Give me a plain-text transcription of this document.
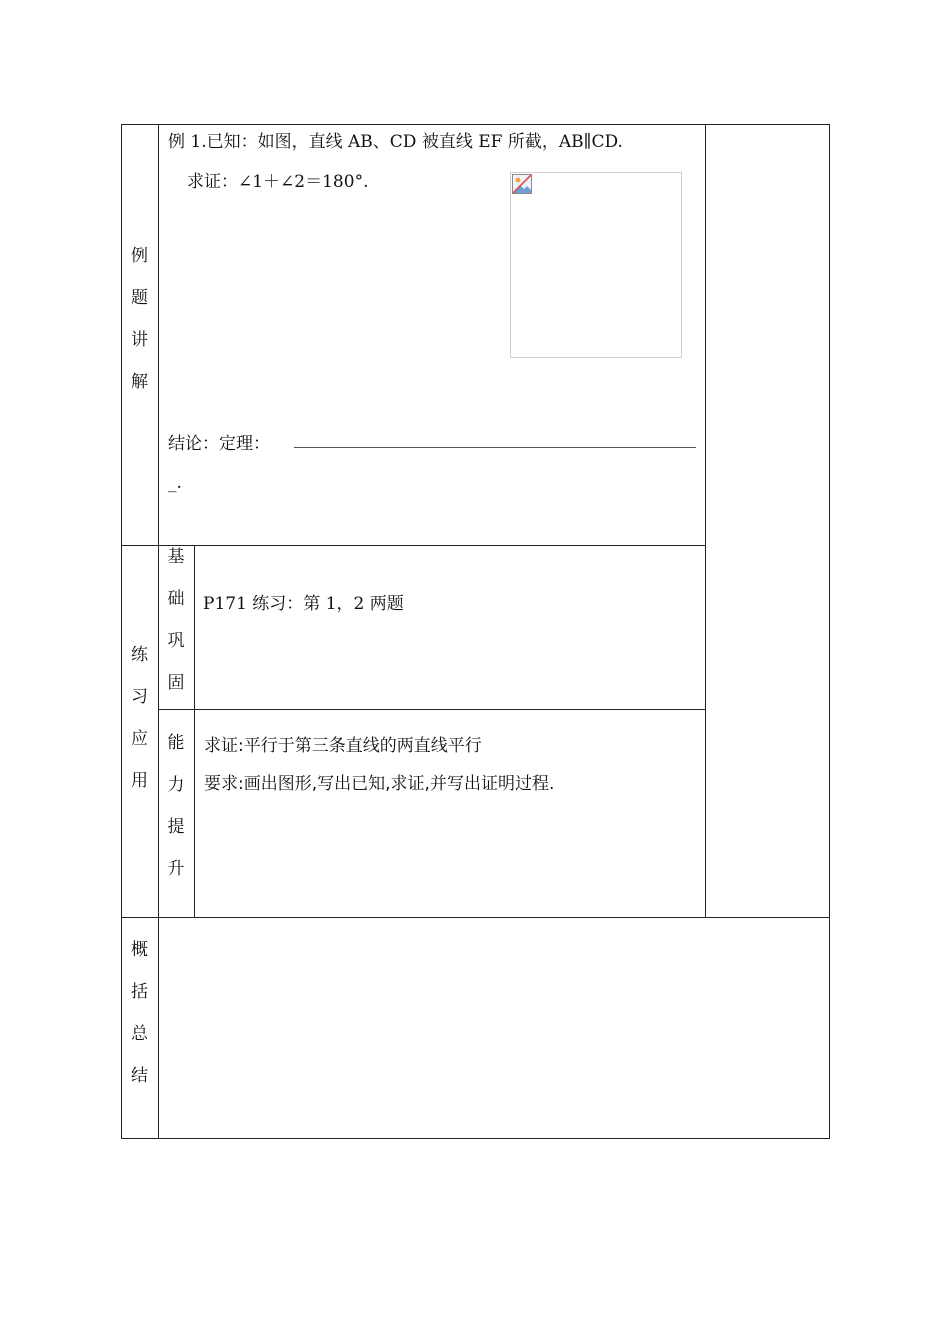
例
题
讲
解
例 1.已知：如图，直线 AB、CD 被直线 EF 所截，AB∥CD.
求证：∠1＋∠2＝180°.
结论：定理：
_.
练
习
应
用
基
础
巩
固
P171 练习：第 1，2 两题
能
力
提
升
求证:平行于第三条直线的两直线平行
要求:画出图形,写出已知,求证,并写出证明过程.
概
括
总
结
